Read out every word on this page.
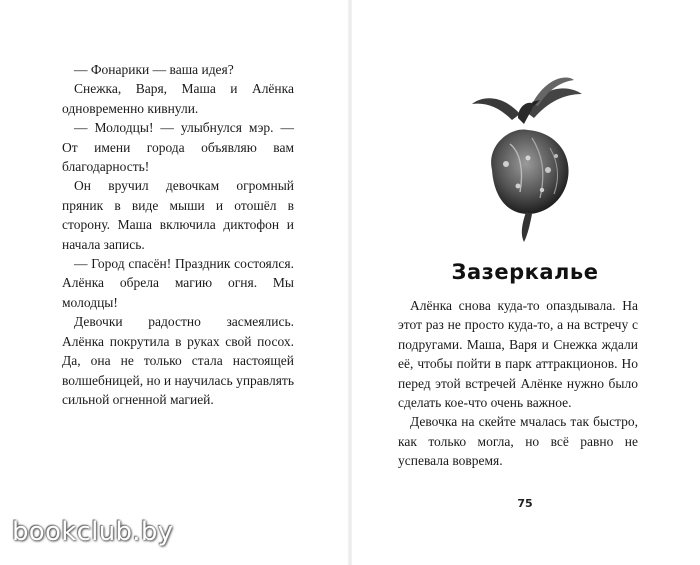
— Фонарики — ваша идея?

Снежка, Варя, Маша и Алёнка одновременно кивнули.

— Молодцы! — улыбнулся мэр. — От имени города объявляю вам благодарность!

Он вручил девочкам огромный пряник в виде мыши и отошёл в сторону. Маша включила диктофон и начала запись.

— Город спасён! Праздник состоялся. Алёнка обрела магию огня. Мы молодцы!

Девочки радостно засмеялись. Алёнка покрутила в руках свой посох. Да, она не только стала настоящей волшебницей, но и научилась управлять сильной огненной магией.

Зазеркалье

Алёнка снова куда-то опаздывала. На этот раз не просто куда-то, а на встречу с подругами. Маша, Варя и Снежка ждали её, чтобы пойти в парк аттракционов. Но перед этой встречей Алёнке нужно было сделать кое-что очень важное.

Девочка на скейте мчалась так быстро, как только могла, но всё равно не успевала вовремя.

75
bookclub.by
